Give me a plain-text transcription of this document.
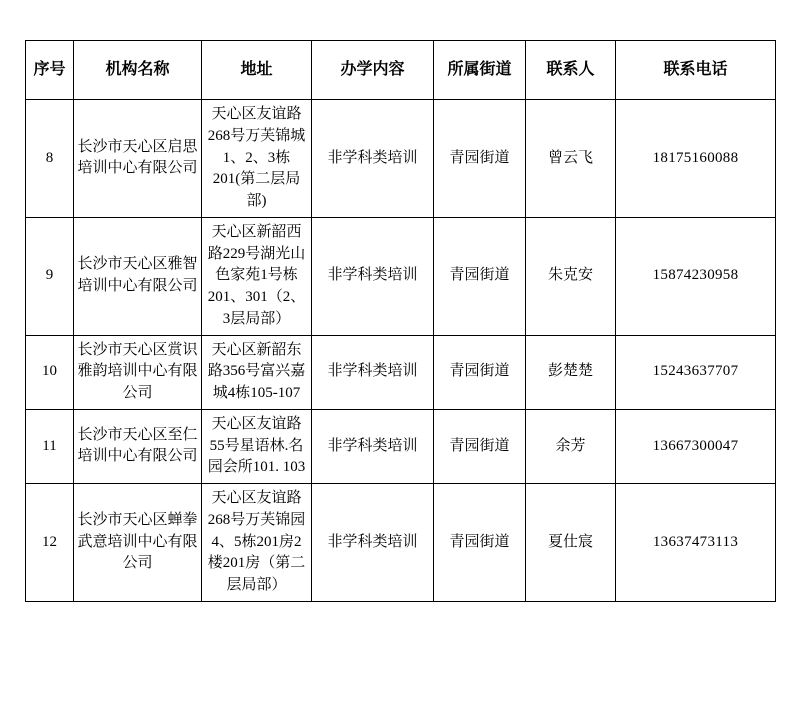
序号	机构名称	地址	办学内容	所属街道	联系人	联系电话
8	长沙市天心区启思培训中心有限公司	天心区友谊路268号万芙锦城1、2、3栋201(第二层局部)	非学科类培训	青园街道	曾云飞	18175160088
9	长沙市天心区雅智培训中心有限公司	天心区新韶西路229号湖光山色家苑1号栋201、301（2、3层局部）	非学科类培训	青园街道	朱克安	15874230958
10	长沙市天心区赏识雅韵培训中心有限公司	天心区新韶东路356号富兴嘉城4栋105-107	非学科类培训	青园街道	彭楚楚	15243637707
11	长沙市天心区至仁培训中心有限公司	天心区友谊路55号星语林.名园会所101. 103	非学科类培训	青园街道	余芳	13667300047
12	长沙市天心区蝉拳武意培训中心有限公司	天心区友谊路268号万芙锦园4、5栋201房2楼201房（第二层局部）	非学科类培训	青园街道	夏仕宸	13637473113
